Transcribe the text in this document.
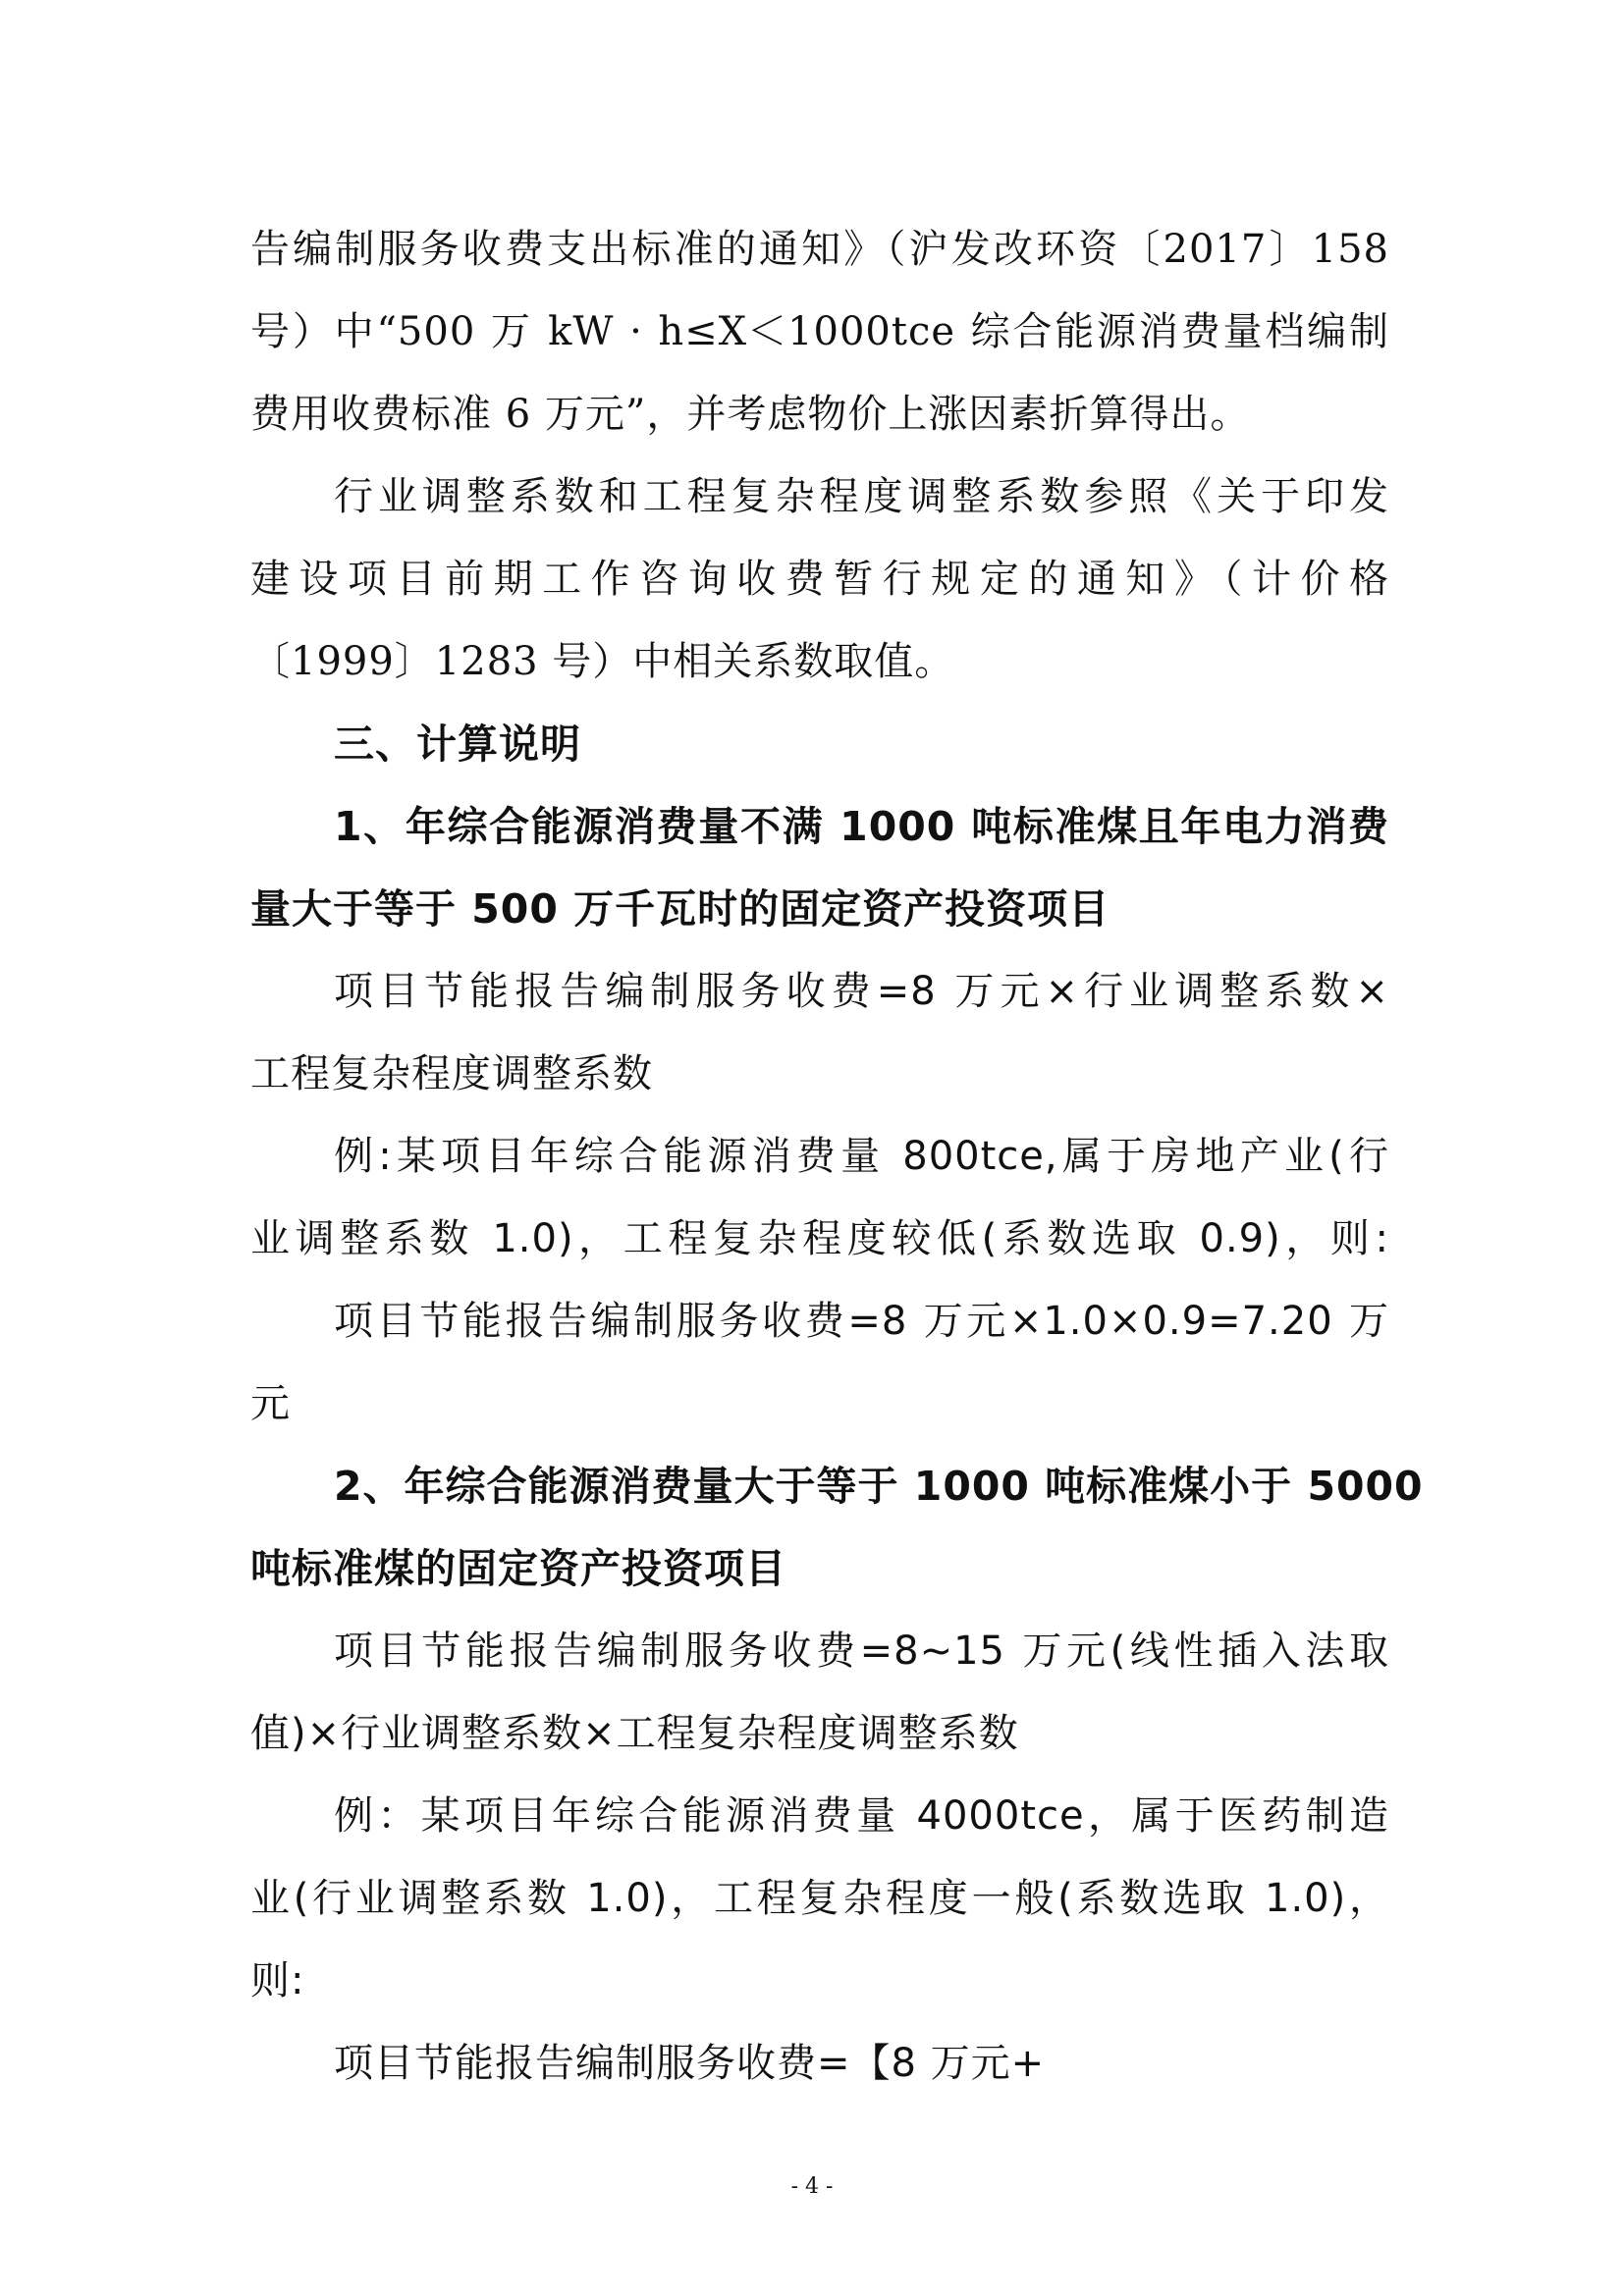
告编制服务收费支出标准的通知》（沪发改环资〔2017〕158
号）中“500 万 kW · h≤X＜1000tce 综合能源消费量档编制
费用收费标准 6 万元”，并考虑物价上涨因素折算得出。
行业调整系数和工程复杂程度调整系数参照《关于印发
建设项目前期工作咨询收费暂行规定的通知》（计价格
〔1999〕1283 号）中相关系数取值。
三、计算说明
1、年综合能源消费量不满 1000 吨标准煤且年电力消费
量大于等于 500 万千瓦时的固定资产投资项目
项目节能报告编制服务收费=8 万元×行业调整系数×
工程复杂程度调整系数
例:某项目年综合能源消费量 800tce,属于房地产业(行
业调整系数 1.0)，工程复杂程度较低(系数选取 0.9)，则:
项目节能报告编制服务收费=8 万元×1.0×0.9=7.20 万
元
2、年综合能源消费量大于等于 1000 吨标准煤小于 5000
吨标准煤的固定资产投资项目
项目节能报告编制服务收费=8~15 万元(线性插入法取
值)×行业调整系数×工程复杂程度调整系数
例：某项目年综合能源消费量 4000tce，属于医药制造
业(行业调整系数 1.0)，工程复杂程度一般(系数选取 1.0)，
则:
项目节能报告编制服务收费=【8 万元+
- 4 -
